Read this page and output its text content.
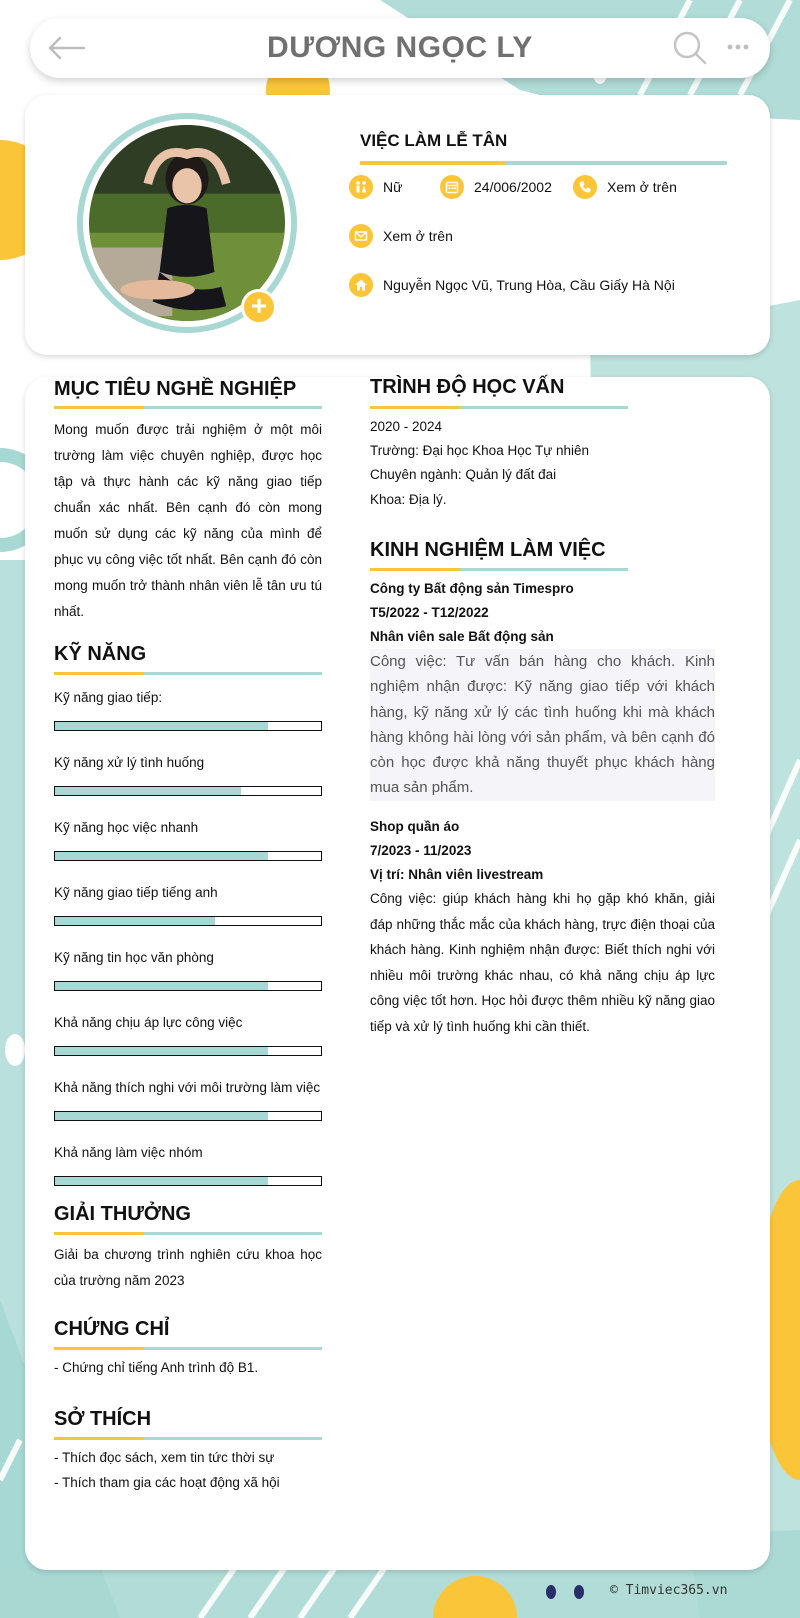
DƯƠNG NGỌC LY
+
VIỆC LÀM LỄ TÂN
Nữ	24/006/2002	Xem ở trên
Xem ở trên
Nguyễn Ngọc Vũ, Trung Hòa, Cầu Giấy Hà Nội
MỤC TIÊU NGHỀ NGHIỆP
Mong muốn được trải nghiệm ở một môi trường làm việc chuyên nghiệp, được học tập và thực hành các kỹ năng giao tiếp chuẩn xác nhất. Bên cạnh đó còn mong muốn sử dụng các kỹ năng của mình để phục vụ công việc tốt nhất. Bên cạnh đó còn mong muốn trở thành nhân viên lễ tân ưu tú nhất.
KỸ NĂNG
Kỹ năng giao tiếp:
Kỹ năng xử lý tình huống
Kỹ năng học việc nhanh
Kỹ năng giao tiếp tiếng anh
Kỹ năng tin học văn phòng
Khả năng chịu áp lực công việc
Khả năng thích nghi với môi trường làm việc
Khả năng làm việc nhóm
GIẢI THƯỞNG
Giải ba chương trình nghiên cứu khoa học của trường năm 2023
CHỨNG CHỈ
- Chứng chỉ tiếng Anh trình độ B1.
SỞ THÍCH
- Thích đọc sách, xem tin tức thời sự
- Thích tham gia các hoạt động xã hội
TRÌNH ĐỘ HỌC VẤN
2020 - 2024
Trường: Đại học Khoa Học Tự nhiên
Chuyên ngành: Quản lý đất đai
Khoa: Địa lý.
KINH NGHIỆM LÀM VIỆC
Công ty Bất động sản Timespro
T5/2022 - T12/2022
Nhân viên sale Bất động sản
Công việc: Tư vấn bán hàng cho khách. Kinh nghiệm nhận được: Kỹ năng giao tiếp với khách hàng, kỹ năng xử lý các tình huống khi mà khách hàng không hài lòng với sản phẩm, và bên cạnh đó còn học được khả năng thuyết phục khách hàng mua sản phẩm.
Shop quần áo
7/2023 - 11/2023
Vị trí: Nhân viên livestream
Công việc: giúp khách hàng khi họ gặp khó khăn, giải đáp những thắc mắc của khách hàng, trực điện thoại của khách hàng. Kinh nghiệm nhận được: Biết thích nghi với nhiều môi trường khác nhau, có khả năng chịu áp lực công việc tốt hơn. Học hỏi được thêm nhiều kỹ năng giao tiếp và xử lý tình huống khi cần thiết.
© Timviec365.vn
